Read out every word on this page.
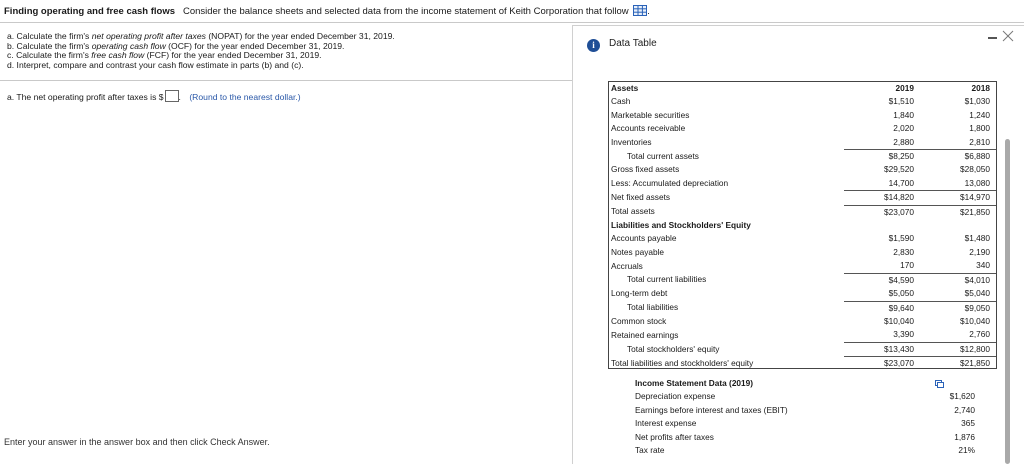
Finding operating and free cash flows Consider the balance sheets and selected data from the income statement of Keith Corporation that follow .
a. Calculate the firm's net operating profit after taxes (NOPAT) for the year ended December 31, 2019.
b. Calculate the firm's operating cash flow (OCF) for the year ended December 31, 2019.
c. Calculate the firm's free cash flow (FCF) for the year ended December 31, 2019.
d. Interpret, compare and contrast your cash flow estimate in parts (b) and (c).
a. The net operating profit after taxes is $ . (Round to the nearest dollar.)
Enter your answer in the answer box and then click Check Answer.
i Data Table
Assets	2019	2018
Cash	$1,510	$1,030
Marketable securities	1,840	1,240
Accounts receivable	2,020	1,800
Inventories	2,880	2,810
Total current assets	$8,250	$6,880
Gross fixed assets	$29,520	$28,050
Less: Accumulated depreciation	14,700	13,080
Net fixed assets	$14,820	$14,970
Total assets	$23,070	$21,850
Liabilities and Stockholders' Equity		
Accounts payable	$1,590	$1,480
Notes payable	2,830	2,190
Accruals	170	340
Total current liabilities	$4,590	$4,010
Long-term debt	$5,050	$5,040
Total liabilities	$9,640	$9,050
Common stock	$10,040	$10,040
Retained earnings	3,390	2,760
Total stockholders' equity	$13,430	$12,800
Total liabilities and stockholders' equity	$23,070	$21,850
Income Statement Data (2019)	
Depreciation expense	$1,620
Earnings before interest and taxes (EBIT)	2,740
Interest expense	365
Net profits after taxes	1,876
Tax rate	21%
